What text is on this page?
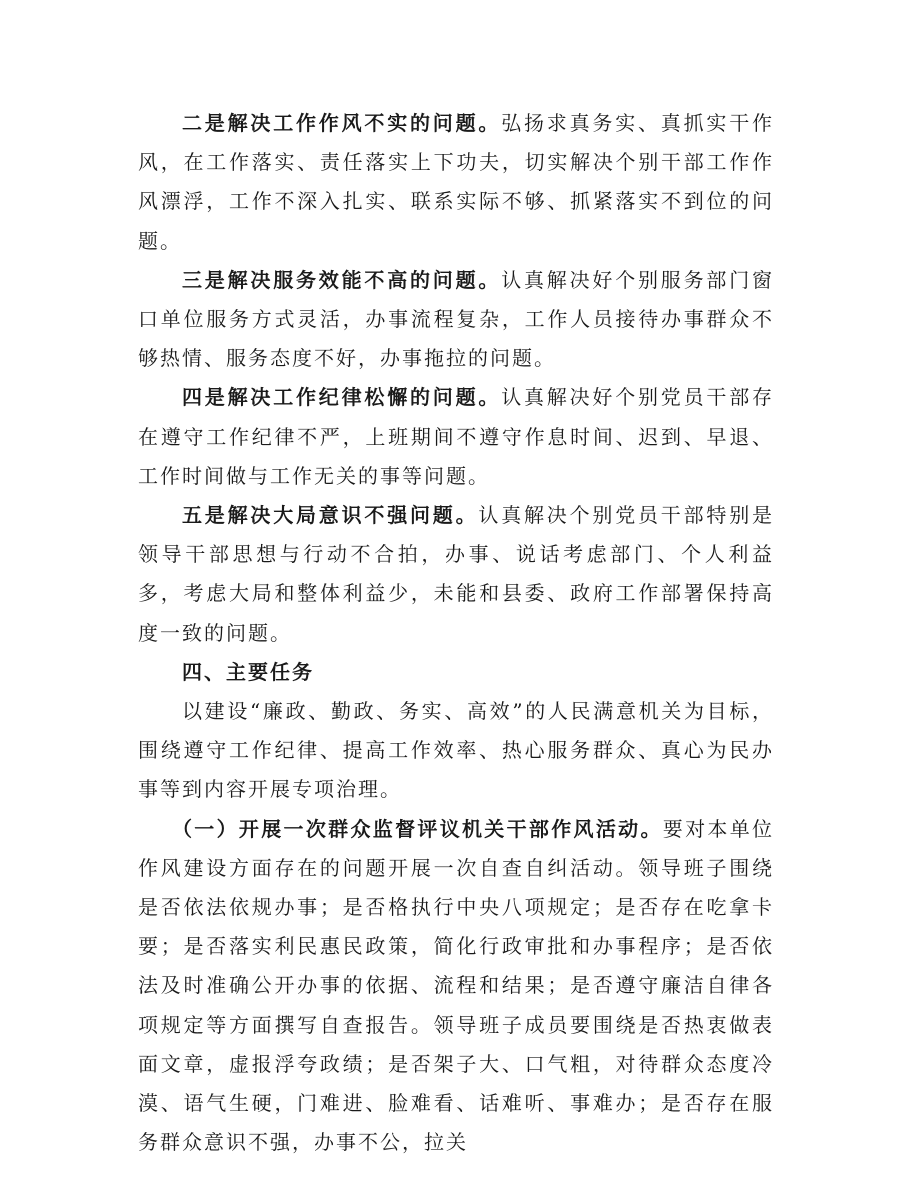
二是解决工作作风不实的问题。弘扬求真务实、真抓实干作风，在工作落实、责任落实上下功夫，切实解决个别干部工作作风漂浮，工作不深入扎实、联系实际不够、抓紧落实不到位的问题。

三是解决服务效能不高的问题。认真解决好个别服务部门窗口单位服务方式灵活，办事流程复杂，工作人员接待办事群众不够热情、服务态度不好，办事拖拉的问题。

四是解决工作纪律松懈的问题。认真解决好个别党员干部存在遵守工作纪律不严，上班期间不遵守作息时间、迟到、早退、工作时间做与工作无关的事等问题。

五是解决大局意识不强问题。认真解决个别党员干部特别是领导干部思想与行动不合拍，办事、说话考虑部门、个人利益多，考虑大局和整体利益少，未能和县委、政府工作部署保持高度一致的问题。

四、主要任务

以建设“廉政、勤政、务实、高效”的人民满意机关为目标，围绕遵守工作纪律、提高工作效率、热心服务群众、真心为民办事等到内容开展专项治理。

（一）开展一次群众监督评议机关干部作风活动。要对本单位作风建设方面存在的问题开展一次自查自纠活动。领导班子围绕是否依法依规办事；是否格执行中央八项规定；是否存在吃拿卡要；是否落实利民惠民政策，简化行政审批和办事程序；是否依法及时准确公开办事的依据、流程和结果；是否遵守廉洁自律各项规定等方面撰写自查报告。领导班子成员要围绕是否热衷做表面文章，虚报浮夸政绩；是否架子大、口气粗，对待群众态度冷漠、语气生硬，门难进、脸难看、话难听、事难办；是否存在服务群众意识不强，办事不公，拉关
